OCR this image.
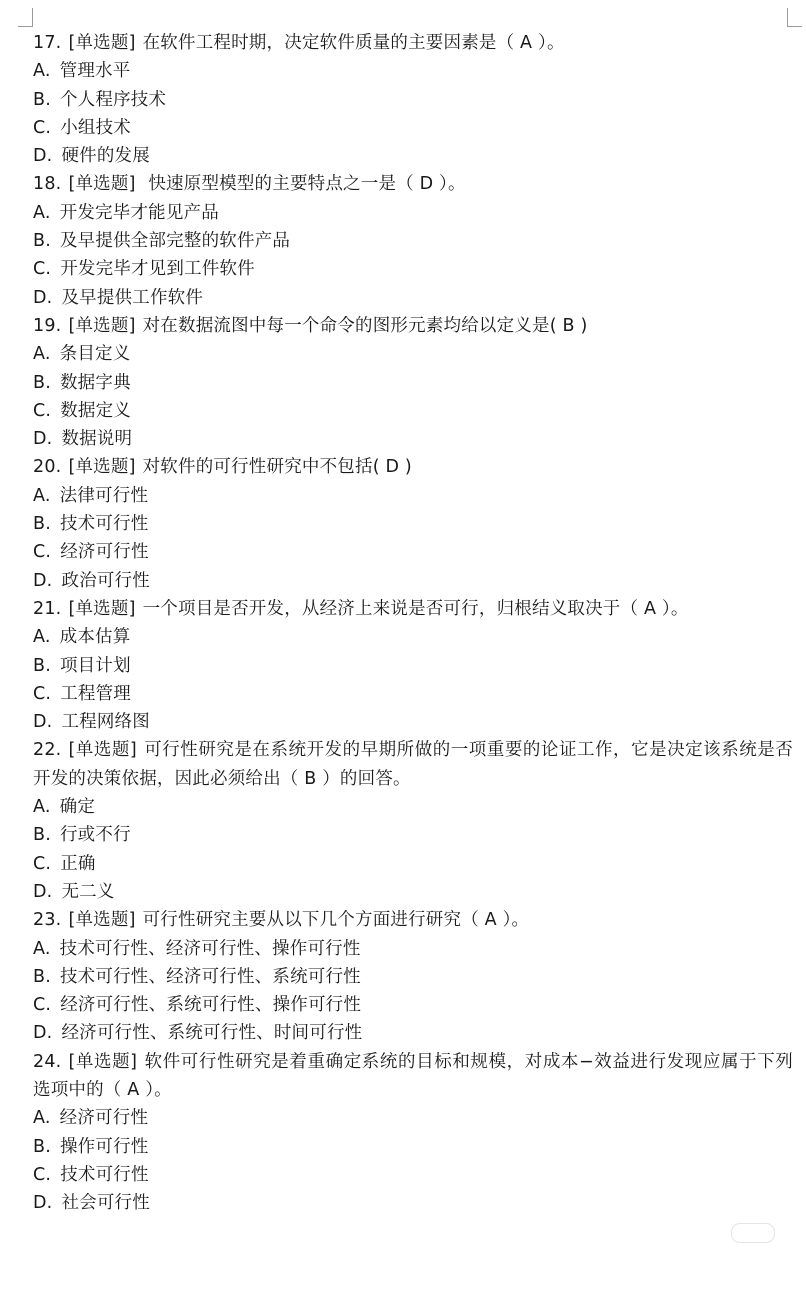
17. [单选题] 在软件工程时期，决定软件质量的主要因素是（ A ）。
A. 管理水平
B. 个人程序技术
C. 小组技术
D. 硬件的发展
18. [单选题] 快速原型模型的主要特点之一是（ D ）。
A. 开发完毕才能见产品
B. 及早提供全部完整的软件产品
C. 开发完毕才见到工件软件
D. 及早提供工作软件
19. [单选题] 对在数据流图中每一个命令的图形元素均给以定义是( B )
A. 条目定义
B. 数据字典
C. 数据定义
D. 数据说明
20. [单选题] 对软件的可行性研究中不包括( D )
A. 法律可行性
B. 技术可行性
C. 经济可行性
D. 政治可行性
21. [单选题] 一个项目是否开发，从经济上来说是否可行，归根结义取决于（ A ）。
A. 成本估算
B. 项目计划
C. 工程管理
D. 工程网络图
22. [单选题] 可行性研究是在系统开发的早期所做的一项重要的论证工作，它是决定该系统是否开发的决策依据，因此必须给出（ B ）的回答。
A. 确定
B. 行或不行
C. 正确
D. 无二义
23. [单选题] 可行性研究主要从以下几个方面进行研究（ A ）。
A. 技术可行性、经济可行性、操作可行性
B. 技术可行性、经济可行性、系统可行性
C. 经济可行性、系统可行性、操作可行性
D. 经济可行性、系统可行性、时间可行性
24. [单选题] 软件可行性研究是着重确定系统的目标和规模，对成本−效益进行发现应属于下列选项中的（ A ）。
A. 经济可行性
B. 操作可行性
C. 技术可行性
D. 社会可行性
